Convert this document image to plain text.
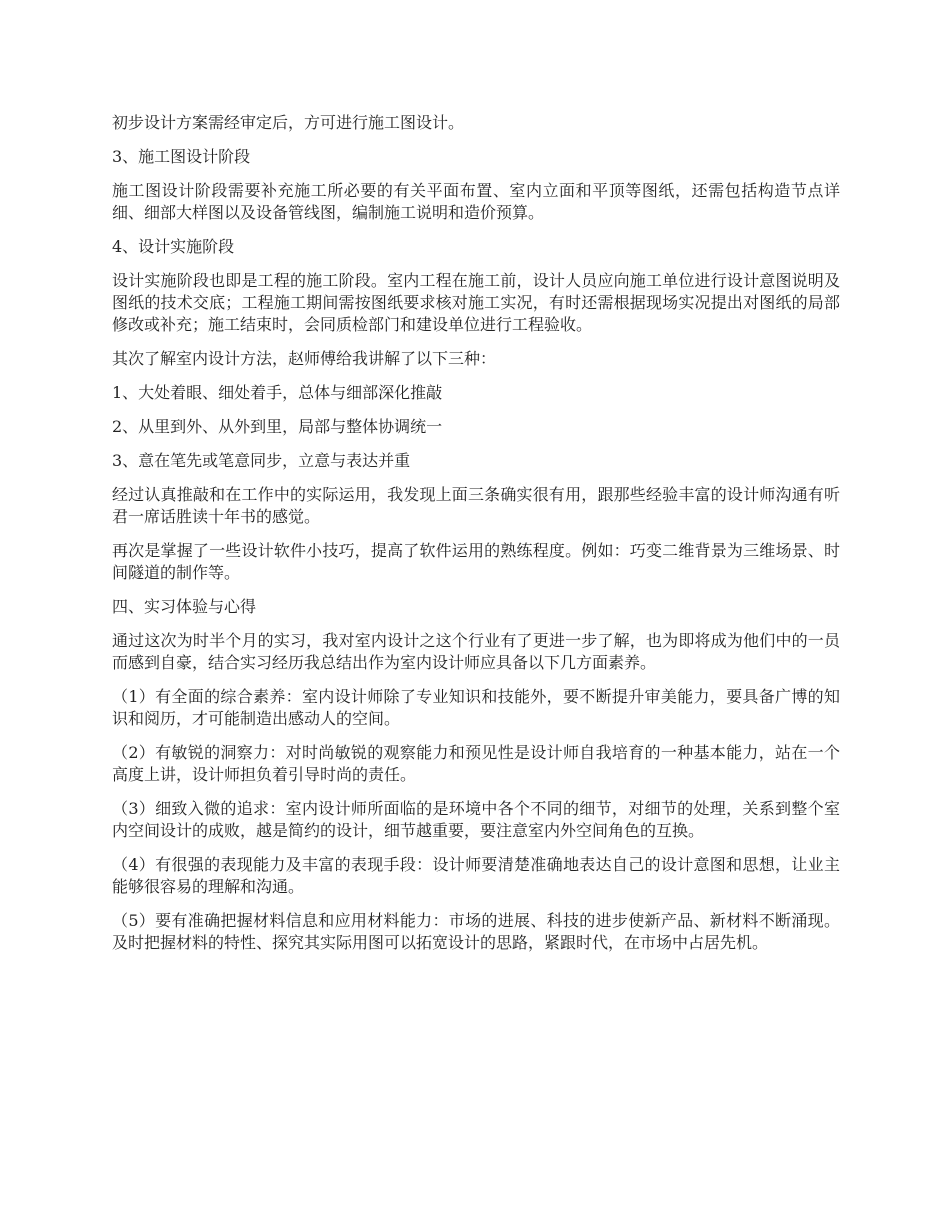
初步设计方案需经审定后，方可进行施工图设计。

3、施工图设计阶段

施工图设计阶段需要补充施工所必要的有关平面布置、室内立面和平顶等图纸，还需包括构造节点详细、细部大样图以及设备管线图，编制施工说明和造价预算。

4、设计实施阶段

设计实施阶段也即是工程的施工阶段。室内工程在施工前，设计人员应向施工单位进行设计意图说明及图纸的技术交底；工程施工期间需按图纸要求核对施工实况，有时还需根据现场实况提出对图纸的局部修改或补充；施工结束时，会同质检部门和建设单位进行工程验收。

其次了解室内设计方法，赵师傅给我讲解了以下三种：

1、大处着眼、细处着手，总体与细部深化推敲

2、从里到外、从外到里，局部与整体协调统一

3、意在笔先或笔意同步，立意与表达并重

经过认真推敲和在工作中的实际运用，我发现上面三条确实很有用，跟那些经验丰富的设计师沟通有听君一席话胜读十年书的感觉。

再次是掌握了一些设计软件小技巧，提高了软件运用的熟练程度。例如：巧变二维背景为三维场景、时间隧道的制作等。

四、实习体验与心得

通过这次为时半个月的实习，我对室内设计之这个行业有了更进一步了解，也为即将成为他们中的一员而感到自豪，结合实习经历我总结出作为室内设计师应具备以下几方面素养。

（1）有全面的综合素养：室内设计师除了专业知识和技能外，要不断提升审美能力，要具备广博的知识和阅历，才可能制造出感动人的空间。

（2）有敏锐的洞察力：对时尚敏锐的观察能力和预见性是设计师自我培育的一种基本能力，站在一个高度上讲，设计师担负着引导时尚的责任。

（3）细致入微的追求：室内设计师所面临的是环境中各个不同的细节，对细节的处理，关系到整个室内空间设计的成败，越是简约的设计，细节越重要，要注意室内外空间角色的互换。

（4）有很强的表现能力及丰富的表现手段：设计师要清楚准确地表达自己的设计意图和思想，让业主能够很容易的理解和沟通。

（5）要有准确把握材料信息和应用材料能力：市场的进展、科技的进步使新产品、新材料不断涌现。及时把握材料的特性、探究其实际用图可以拓宽设计的思路，紧跟时代，在市场中占居先机。
